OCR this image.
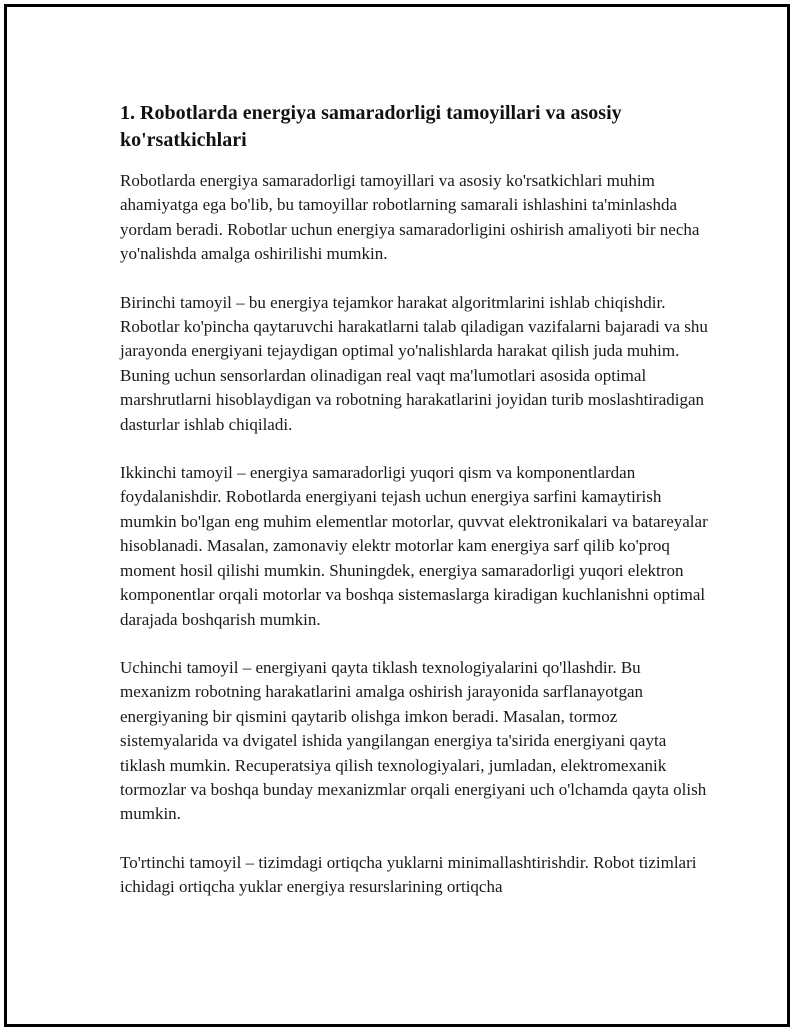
1. Robotlarda energiya samaradorligi tamoyillari va asosiy ko'rsatkichlari

Robotlarda energiya samaradorligi tamoyillari va asosiy ko'rsatkichlari muhim ahamiyatga ega bo'lib, bu tamoyillar robotlarning samarali ishlashini ta'minlashda yordam beradi. Robotlar uchun energiya samaradorligini oshirish amaliyoti bir necha yo'nalishda amalga oshirilishi mumkin.

Birinchi tamoyil – bu energiya tejamkor harakat algoritmlarini ishlab chiqishdir. Robotlar ko'pincha qaytaruvchi harakatlarni talab qiladigan vazifalarni bajaradi va shu jarayonda energiyani tejaydigan optimal yo'nalishlarda harakat qilish juda muhim. Buning uchun sensorlardan olinadigan real vaqt ma'lumotlari asosida optimal marshrutlarni hisoblaydigan va robotning harakatlarini joyidan turib moslashtiradigan dasturlar ishlab chiqiladi.

Ikkinchi tamoyil – energiya samaradorligi yuqori qism va komponentlardan foydalanishdir. Robotlarda energiyani tejash uchun energiya sarfini kamaytirish mumkin bo'lgan eng muhim elementlar motorlar, quvvat elektronikalari va batareyalar hisoblanadi. Masalan, zamonaviy elektr motorlar kam energiya sarf qilib ko'proq moment hosil qilishi mumkin. Shuningdek, energiya samaradorligi yuqori elektron komponentlar orqali motorlar va boshqa sistemaslarga kiradigan kuchlanishni optimal darajada boshqarish mumkin.

Uchinchi tamoyil – energiyani qayta tiklash texnologiyalarini qo'llashdir. Bu mexanizm robotning harakatlarini amalga oshirish jarayonida sarflanayotgan energiyaning bir qismini qaytarib olishga imkon beradi. Masalan, tormoz sistemyalarida va dvigatel ishida yangilangan energiya ta'sirida energiyani qayta tiklash mumkin. Recuperatsiya qilish texnologiyalari, jumladan, elektromexanik tormozlar va boshqa bunday mexanizmlar orqali energiyani uch o'lchamda qayta olish mumkin.

To'rtinchi tamoyil – tizimdagi ortiqcha yuklarni minimallashtirishdir. Robot tizimlari ichidagi ortiqcha yuklar energiya resurslarining ortiqcha
